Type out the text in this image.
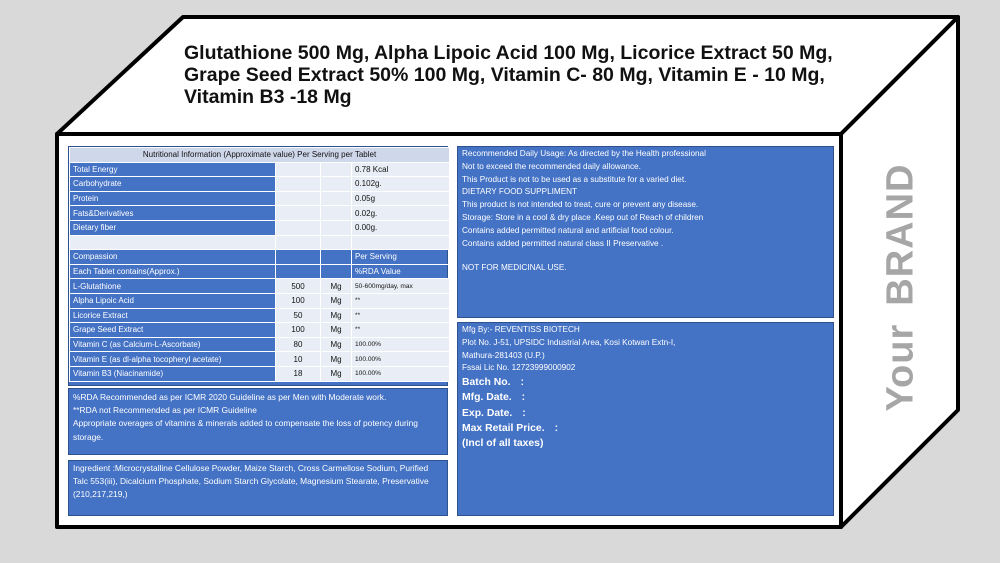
Glutathione 500 Mg, Alpha Lipoic Acid 100 Mg, Licorice Extract 50 Mg, Grape Seed Extract 50% 100 Mg, Vitamin C- 80 Mg, Vitamin E - 10 Mg, Vitamin B3 -18 Mg
YourBRAND
Nutritional Information (Approximate value) Per Serving per Tablet			
Total Energy			0.78 Kcal
Carbohydrate			0.102g.
Protein			0.05g
Fats&Derivatives			0.02g.
Dietary fiber			0.00g.

Compassion			Per Serving
Each Tablet contains(Approx.)			%RDA Value
L-Glutathione	500	Mg	50-600mg/day, max
Alpha Lipoic Acid	100	Mg	**
Licorice Extract	50	Mg	**
Grape Seed Extract	100	Mg	**
Vitamin C (as Calcium-L-Ascorbate)	80	Mg	100.00%
Vitamin E (as dl-alpha tocopheryl acetate)	10	Mg	100.00%
Vitamin B3 (Niacinamide)	18	Mg	100.00%

%RDA Recommended as per ICMR 2020 Guideline as per Men with Moderate work.

**RDA not Recommended as per ICMR Guideline

Appropriate overages of vitamins & minerals added to compensate the loss of potency during storage.

Ingredient :Microcrystalline Cellulose Powder, Maize Starch, Cross Carmellose Sodium, Purified Talc 553(iii), Dicalcium Phosphate, Sodium Starch Glycolate, Magnesium Stearate, Preservative (210,217,219,)

Recommended Daily Usage: As directed by the Health professional

Not to exceed the recommended daily allowance.

This Product is not to be used as a substitute for a varied diet.

DIETARY FOOD SUPPLIMENT

This product is not intended to treat, cure or prevent any disease.

Storage: Store in a cool & dry place .Keep out of Reach of children

Contains added permitted natural and artificial food colour.

Contains added permitted natural class II Preservative .

NOT FOR MEDICINAL USE.

Mfg By:- REVENTISS BIOTECH

Plot No. J-51, UPSIDC Industrial Area, Kosi Kotwan Extn-I,

Mathura-281403 (U.P.)

Fssai Lic No. 12723999000902

Batch No. :

Mfg. Date. :

Exp. Date. :

Max Retail Price. :

(Incl of all taxes)
